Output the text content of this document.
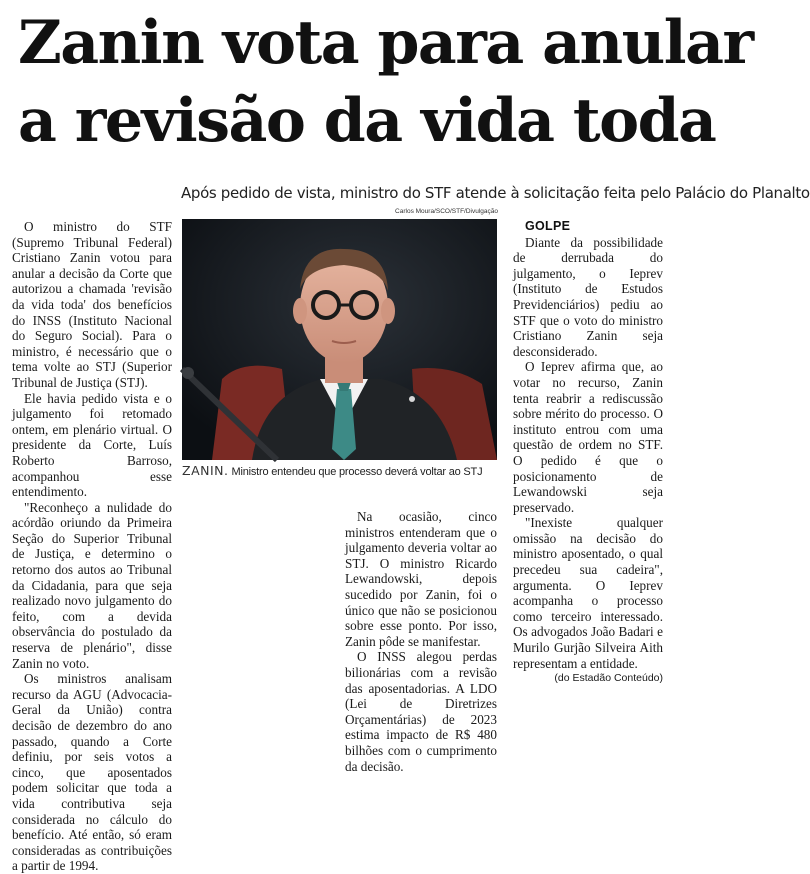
Zanin vota para anular
a revisão da vida toda
Após pedido de vista, ministro do STF atende à solicitação feita pelo Palácio do Planalto
Carlos Moura/SCO/STF/Divulgação
ZANIN. Ministro entendeu que processo deverá voltar ao STJ

O ministro do STF (Supremo Tribunal Federal) Cristiano Zanin votou para anular a decisão da Corte que autorizou a chamada 'revisão da vida toda' dos benefícios do INSS (Instituto Nacional do Seguro Social). Para o ministro, é necessário que o tema volte ao STJ (Superior Tribunal de Justiça (STJ).

Ele havia pedido vista e o julgamento foi retomado ontem, em plenário virtual. O presidente da Corte, Luís Roberto Barroso, acompanhou esse entendimento.

"Reconheço a nulidade do acórdão oriundo da Primeira Seção do Superior Tribunal de Justiça, e determino o retorno dos autos ao Tribunal da Cidadania, para que seja realizado novo julgamento do feito, com a devida observância do postulado da reserva de plenário", disse Zanin no voto.

Os ministros analisam recurso da AGU (Advocacia-Geral da União) contra decisão de dezembro do ano passado, quando a Corte definiu, por seis votos a cinco, que aposentados podem solicitar que toda a vida contributiva seja considerada no cálculo do benefício. Até então, só eram consideradas as contribuições a partir de 1994.

Na ocasião, cinco ministros entenderam que o julgamento deveria voltar ao STJ. O ministro Ricardo Lewandowski, depois sucedido por Zanin, foi o único que não se posicionou sobre esse ponto. Por isso, Zanin pôde se manifestar.

O INSS alegou perdas bilionárias com a revisão das aposentadorias. A LDO (Lei de Diretrizes Orçamentárias) de 2023 estima impacto de R$ 480 bilhões com o cumprimento da decisão.

GOLPE

Diante da possibilidade de derrubada do julgamento, o Ieprev (Instituto de Estudos Previdenciários) pediu ao STF que o voto do ministro Cristiano Zanin seja desconsiderado.

O Ieprev afirma que, ao votar no recurso, Zanin tenta reabrir a rediscussão sobre mérito do processo. O instituto entrou com uma questão de ordem no STF. O pedido é que o posicionamento de Lewandowski seja preservado.

"Inexiste qualquer omissão na decisão do ministro aposentado, o qual precedeu sua cadeira", argumenta. O Ieprev acompanha o processo como terceiro interessado. Os advogados João Badari e Murilo Gurjão Silveira Aith representam a entidade.

(do Estadão Conteúdo)
